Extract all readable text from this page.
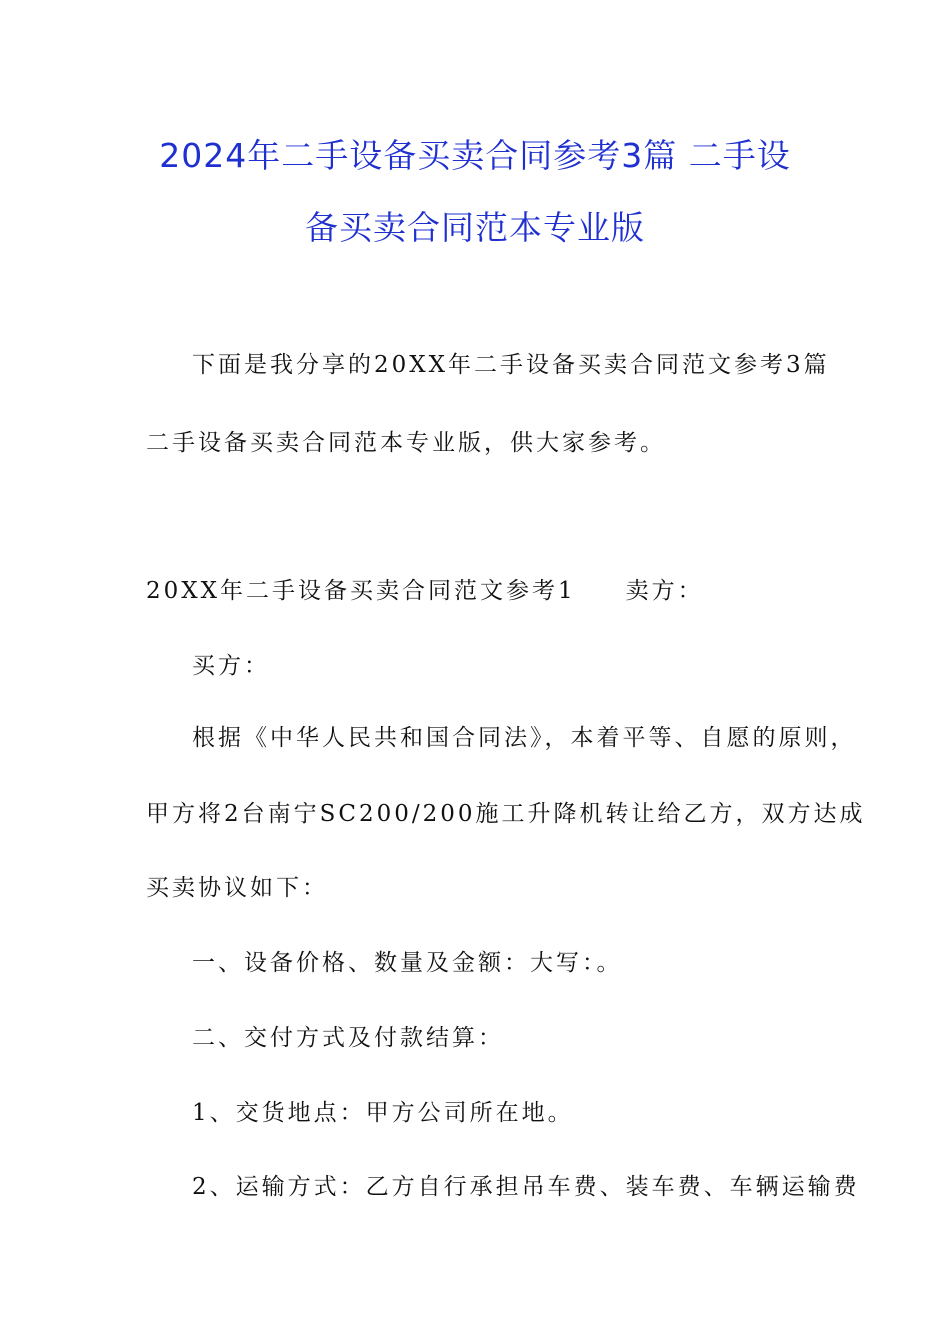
2024年二手设备买卖合同参考3篇 二手设
备买卖合同范本专业版
下面是我分享的20XX年二手设备买卖合同范文参考3篇
二手设备买卖合同范本专业版，供大家参考。
20XX年二手设备买卖合同范文参考1 卖方：
买方：
根据《中华人民共和国合同法》，本着平等、自愿的原则，
甲方将2台南宁SC200/200施工升降机转让给乙方，双方达成
买卖协议如下：
一、设备价格、数量及金额：大写：。
二、交付方式及付款结算：
1、交货地点：甲方公司所在地。
2、运输方式：乙方自行承担吊车费、装车费、车辆运输费
